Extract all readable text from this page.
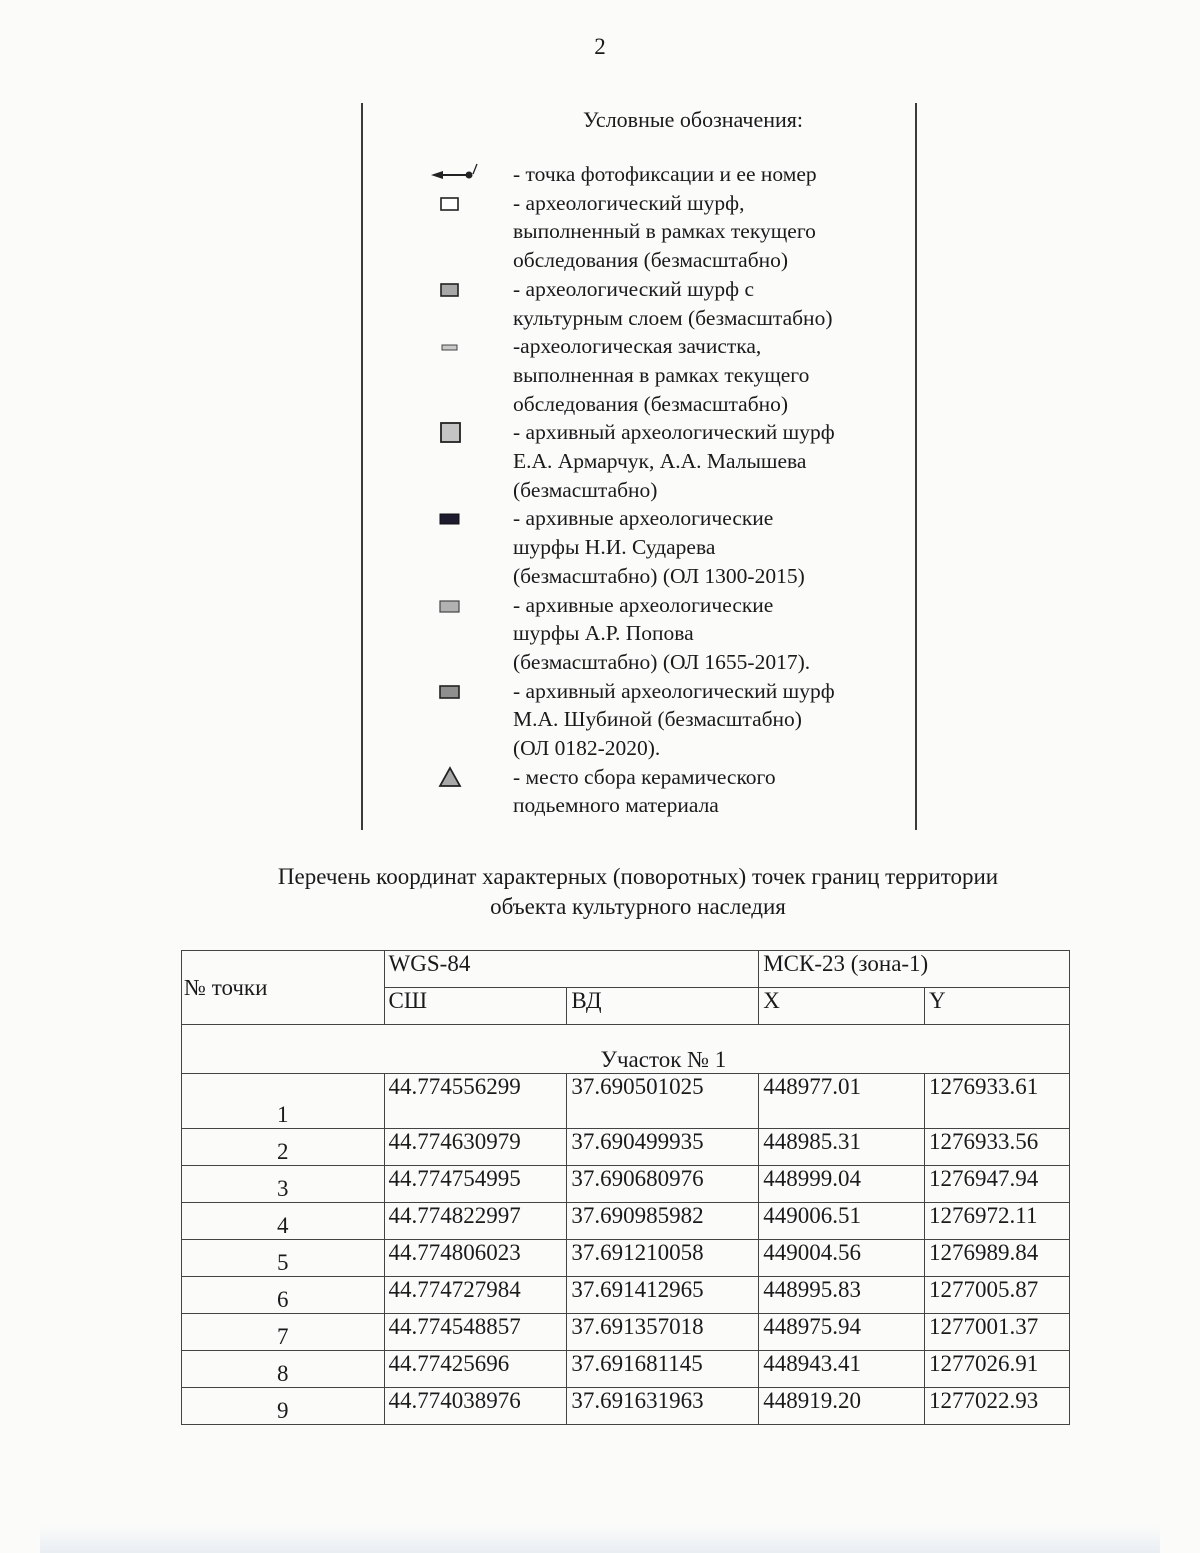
2
Условные обозначения:
- точка фотофиксации и ее номер
- археологический шурф,
выполненный в рамках текущего
обследования (безмасштабно)
- археологический шурф с
культурным слоем (безмасштабно)
-археологическая зачистка,
выполненная в рамках текущего
обследования (безмасштабно)
- архивный археологический шурф
Е.А. Армарчук, А.А. Малышева
(безмасштабно)
- архивные археологические
шурфы Н.И. Сударева
(безмасштабно) (ОЛ 1300-2015)
- архивные археологические
шурфы А.Р. Попова
(безмасштабно) (ОЛ 1655-2017).
- архивный археологический шурф
М.А. Шубиной (безмасштабно)
(ОЛ 0182-2020).
- место сбора керамического
подьемного материала
Перечень координат характерных (поворотных) точек границ территории
объекта культурного наследия
№ точки	WGS-84		МСК-23 (зона-1)	
	СШ	ВД	X	Y
Участок № 1				
1	44.774556299	37.690501025	448977.01	1276933.61
2	44.774630979	37.690499935	448985.31	1276933.56
3	44.774754995	37.690680976	448999.04	1276947.94
4	44.774822997	37.690985982	449006.51	1276972.11
5	44.774806023	37.691210058	449004.56	1276989.84
6	44.774727984	37.691412965	448995.83	1277005.87
7	44.774548857	37.691357018	448975.94	1277001.37
8	44.77425696	37.691681145	448943.41	1277026.91
9	44.774038976	37.691631963	448919.20	1277022.93
